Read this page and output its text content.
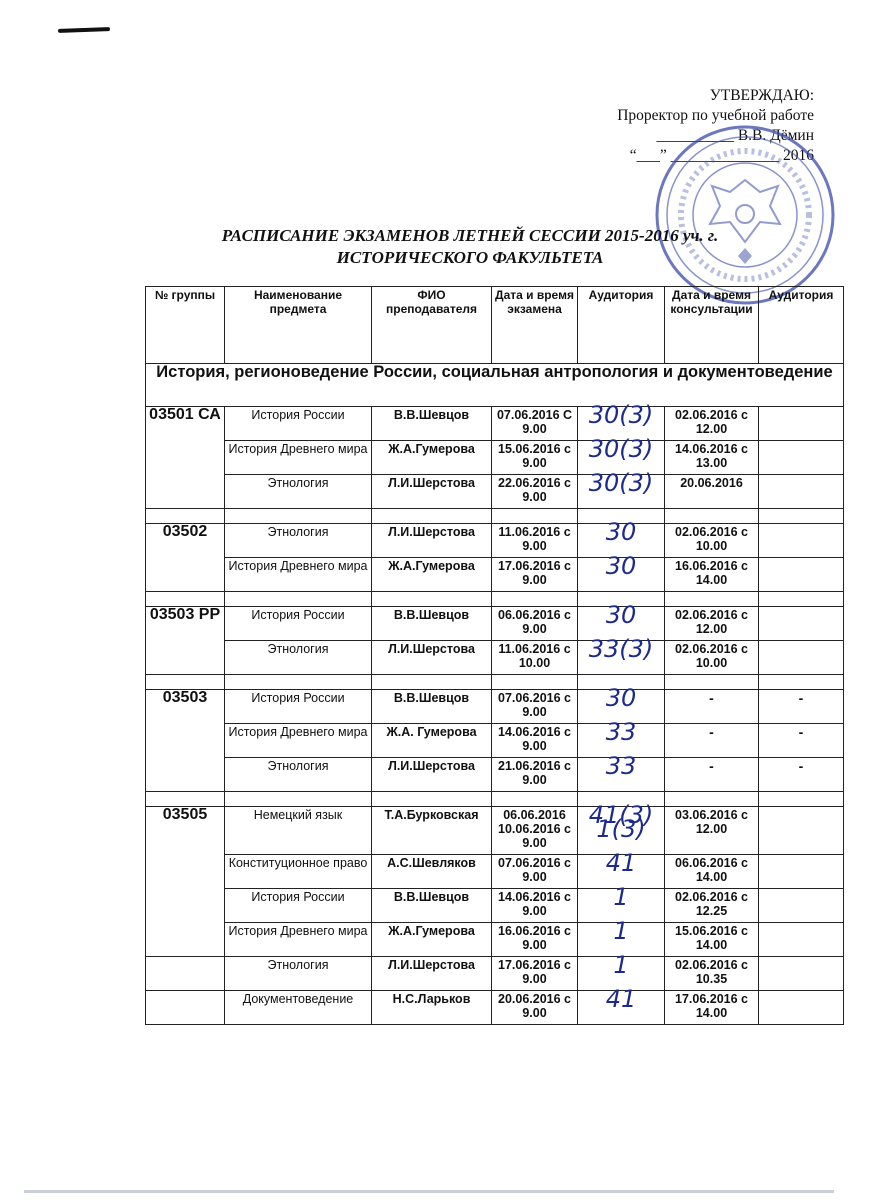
УТВЕРЖДАЮ:
Проректор по учебной работе
__________ В.В. Дёмин
“___” ______________ 2016
РАСПИСАНИЕ ЭКЗАМЕНОВ ЛЕТНЕЙ СЕССИИ 2015-2016 уч. г.
ИСТОРИЧЕСКОГО ФАКУЛЬТЕТА
№ группы	Наименование предмета	ФИО преподавателя	Дата и время экзамена	Аудитория	Дата и время консультации	Аудитория
История, регионоведение России, социальная антропология и документоведение						
03501 СА	История России	В.В.Шевцов	07.06.2016 С 9.00	30(3)	02.06.2016 с 12.00	
	История Древнего мира	Ж.А.Гумерова	15.06.2016 с 9.00	30(3)	14.06.2016 с 13.00	
	Этнология	Л.И.Шерстова	22.06.2016 с 9.00	30(3)	20.06.2016	

03502	Этнология	Л.И.Шерстова	11.06.2016 с 9.00	30	02.06.2016 с 10.00	
	История Древнего мира	Ж.А.Гумерова	17.06.2016 с 9.00	30	16.06.2016 с 14.00	

03503 РР	История России	В.В.Шевцов	06.06.2016 с 9.00	30	02.06.2016 с 12.00	
	Этнология	Л.И.Шерстова	11.06.2016 с 10.00	33(3)	02.06.2016 с 10.00	

03503	История России	В.В.Шевцов	07.06.2016 с 9.00	30	-	-
	История Древнего мира	Ж.А. Гумерова	14.06.2016 с 9.00	33	-	-
	Этнология	Л.И.Шерстова	21.06.2016 с 9.00	33	-	-

03505	Немецкий язык	Т.А.Бурковская	06.06.2016 10.06.2016 с 9.00	41(3) 1(3)	03.06.2016 с 12.00	
	Конституционное право	А.С.Шевляков	07.06.2016 с 9.00	41	06.06.2016 с 14.00	
	История России	В.В.Шевцов	14.06.2016 с 9.00	1	02.06.2016 с 12.25	
	История Древнего мира	Ж.А.Гумерова	16.06.2016 с 9.00	1	15.06.2016 с 14.00	
	Этнология	Л.И.Шерстова	17.06.2016 с 9.00	1	02.06.2016 с 10.35	
	Документоведение	Н.С.Ларьков	20.06.2016 с 9.00	41	17.06.2016 с 14.00	
